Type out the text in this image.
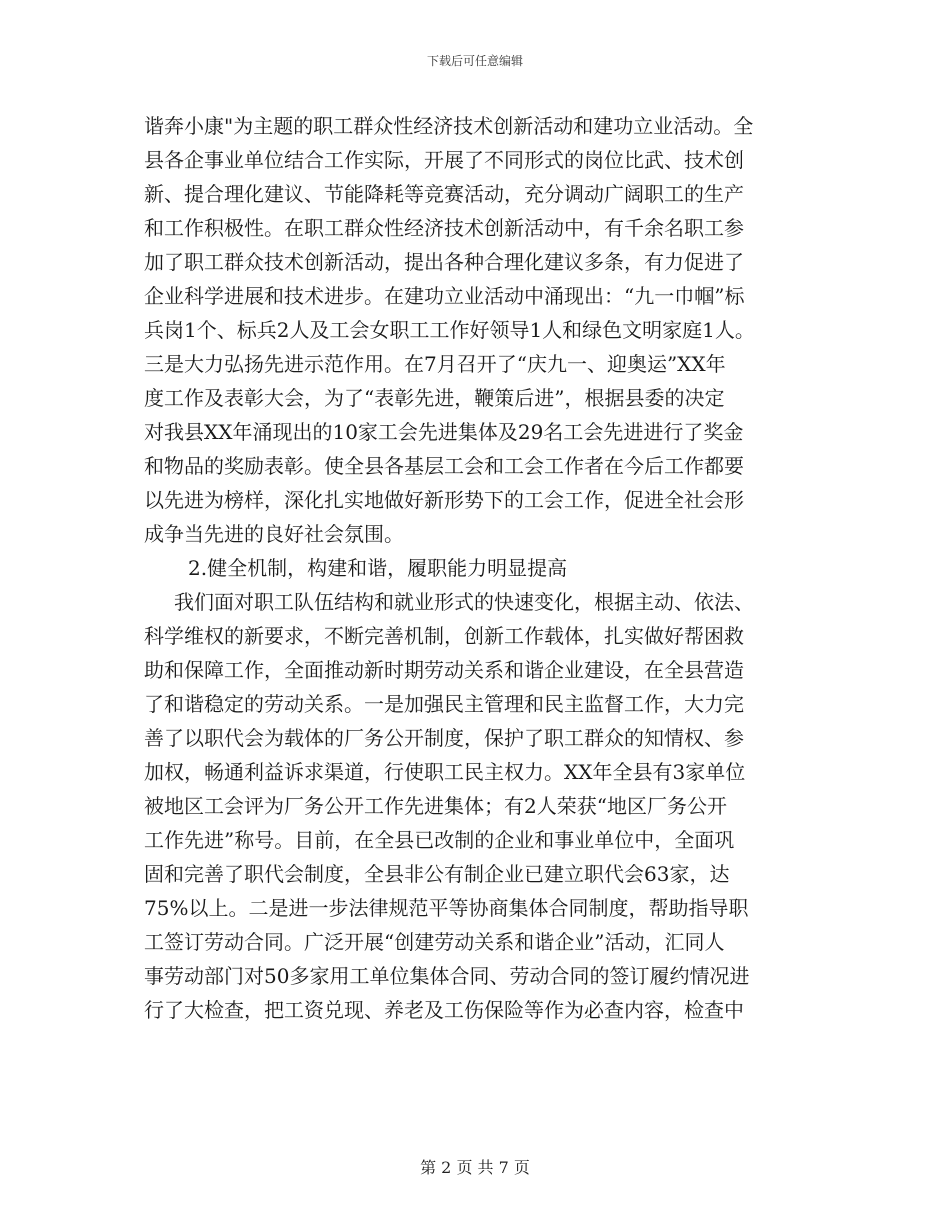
下载后可任意编辑
谐奔小康"为主题的职工群众性经济技术创新活动和建功立业活动。全
县各企事业单位结合工作实际，开展了不同形式的岗位比武、技术创
新、提合理化建议、节能降耗等竞赛活动，充分调动广阔职工的生产
和工作积极性。在职工群众性经济技术创新活动中，有千余名职工参
加了职工群众技术创新活动，提出各种合理化建议多条，有力促进了
企业科学进展和技术进步。在建功立业活动中涌现出：“九一巾帼”标
兵岗1个、标兵2人及工会女职工工作好领导1人和绿色文明家庭1人。
三是大力弘扬先进示范作用。在7月召开了“庆九一、迎奥运”XX年
度工作及表彰大会，为了“表彰先进，鞭策后进”，根据县委的决定
对我县XX年涌现出的10家工会先进集体及29名工会先进进行了奖金
和物品的奖励表彰。使全县各基层工会和工会工作者在今后工作都要
以先进为榜样，深化扎实地做好新形势下的工会工作，促进全社会形
成争当先进的良好社会氛围。
2.健全机制，构建和谐，履职能力明显提高
我们面对职工队伍结构和就业形式的快速变化，根据主动、依法、
科学维权的新要求，不断完善机制，创新工作载体，扎实做好帮困救
助和保障工作，全面推动新时期劳动关系和谐企业建设，在全县营造
了和谐稳定的劳动关系。一是加强民主管理和民主监督工作，大力完
善了以职代会为载体的厂务公开制度，保护了职工群众的知情权、参
加权，畅通利益诉求渠道，行使职工民主权力。XX年全县有3家单位
被地区工会评为厂务公开工作先进集体；有2人荣获“地区厂务公开
工作先进”称号。目前，在全县已改制的企业和事业单位中，全面巩
固和完善了职代会制度，全县非公有制企业已建立职代会63家，达
75%以上。二是进一步法律规范平等协商集体合同制度，帮助指导职
工签订劳动合同。广泛开展“创建劳动关系和谐企业”活动，汇同人
事劳动部门对50多家用工单位集体合同、劳动合同的签订履约情况进
行了大检查，把工资兑现、养老及工伤保险等作为必查内容，检查中
第 2 页 共 7 页
